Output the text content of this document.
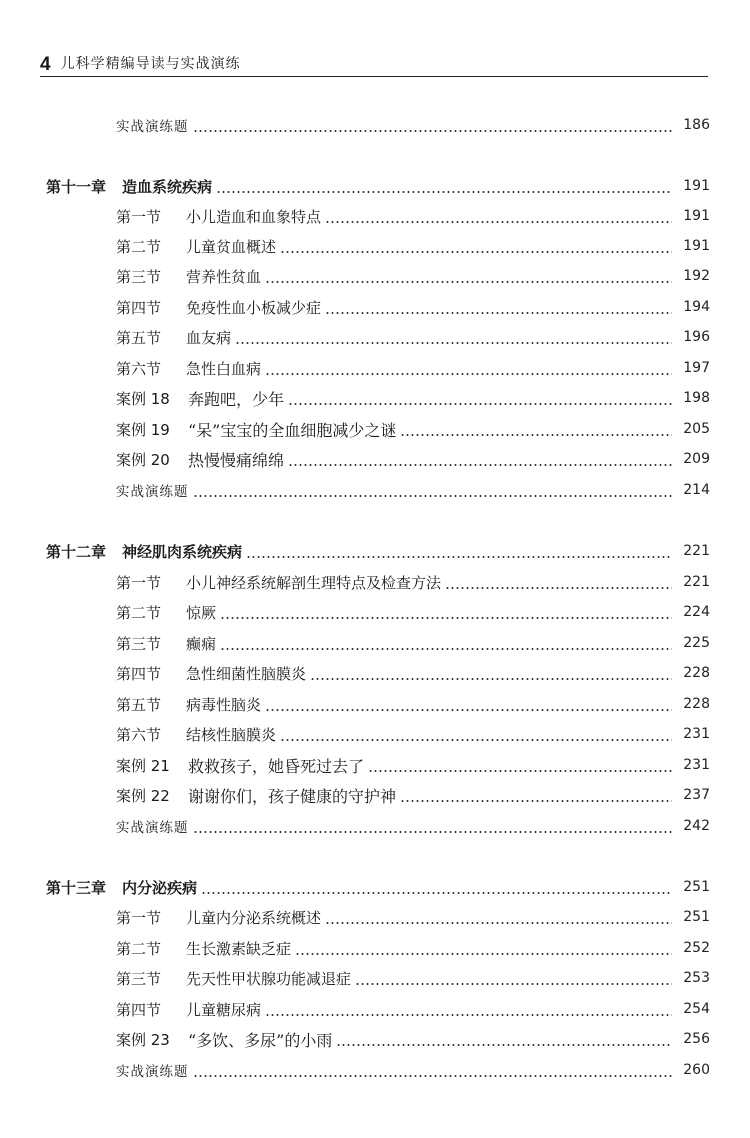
4 儿科学精编导读与实战演练
实战演练题	186
第十一章 造血系统疾病	191
第一节	小儿造血和血象特点	191
第二节	儿童贫血概述	191
第三节	营养性贫血	192
第四节	免疫性血小板减少症	194
第五节	血友病	196
第六节	急性白血病	197
案例 18	奔跑吧，少年	198
案例 19	“呆”宝宝的全血细胞减少之谜	205
案例 20	热慢慢痛绵绵	209
实战演练题	214
第十二章 神经肌肉系统疾病	221
第一节	小儿神经系统解剖生理特点及检查方法	221
第二节	惊厥	224
第三节	癫痫	225
第四节	急性细菌性脑膜炎	228
第五节	病毒性脑炎	228
第六节	结核性脑膜炎	231
案例 21	救救孩子，她昏死过去了	231
案例 22	谢谢你们，孩子健康的守护神	237
实战演练题	242
第十三章 内分泌疾病	251
第一节	儿童内分泌系统概述	251
第二节	生长激素缺乏症	252
第三节	先天性甲状腺功能减退症	253
第四节	儿童糖尿病	254
案例 23	“多饮、多尿”的小雨	256
实战演练题	260
